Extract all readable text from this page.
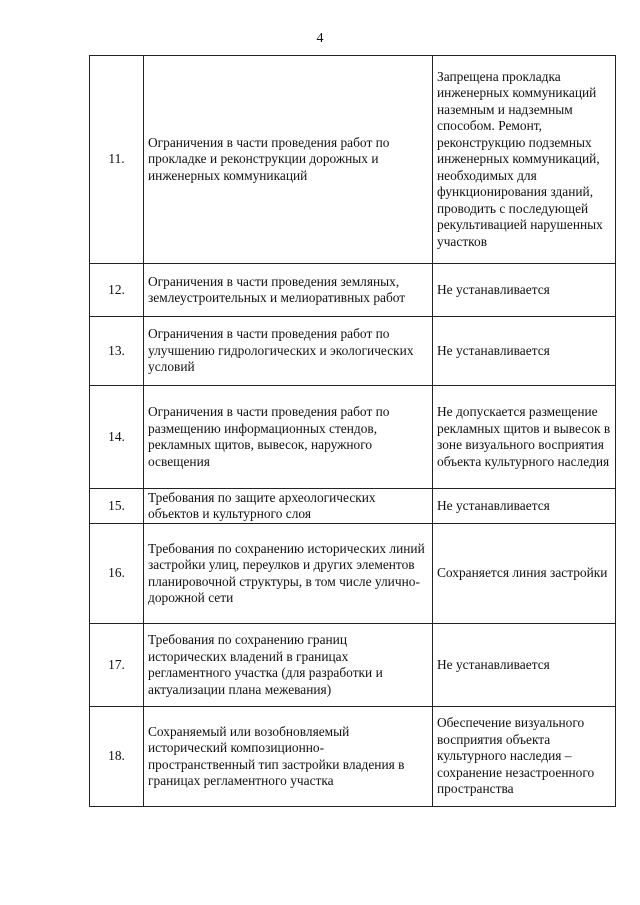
4
11.	Ограничения в части проведения работ по прокладке и реконструкции дорожных и инженерных коммуникаций	Запрещена прокладка инженерных коммуникаций наземным и надземным способом. Ремонт, реконструкцию подземных инженерных коммуникаций, необходимых для функционирования зданий, проводить с последующей рекультивацией нарушенных участков
12.	Ограничения в части проведения земляных, землеустроительных и мелиоративных работ	Не устанавливается
13.	Ограничения в части проведения работ по улучшению гидрологических и экологических условий	Не устанавливается
14.	Ограничения в части проведения работ по размещению информационных стендов, рекламных щитов, вывесок, наружного освещения	Не допускается размещение рекламных щитов и вывесок в зоне визуального восприятия объекта культурного наследия
15.	Требования по защите археологических объектов и культурного слоя	Не устанавливается
16.	Требования по сохранению исторических линий застройки улиц, переулков и других элементов планировочной структуры, в том числе улично-дорожной сети	Сохраняется линия застройки
17.	Требования по сохранению границ исторических владений в границах регламентного участка (для разработки и актуализации плана межевания)	Не устанавливается
18.	Сохраняемый или возобновляемый исторический композиционно-пространственный тип застройки владения в границах регламентного участка	Обеспечение визуального восприятия объекта культурного наследия – сохранение незастроенного пространства
